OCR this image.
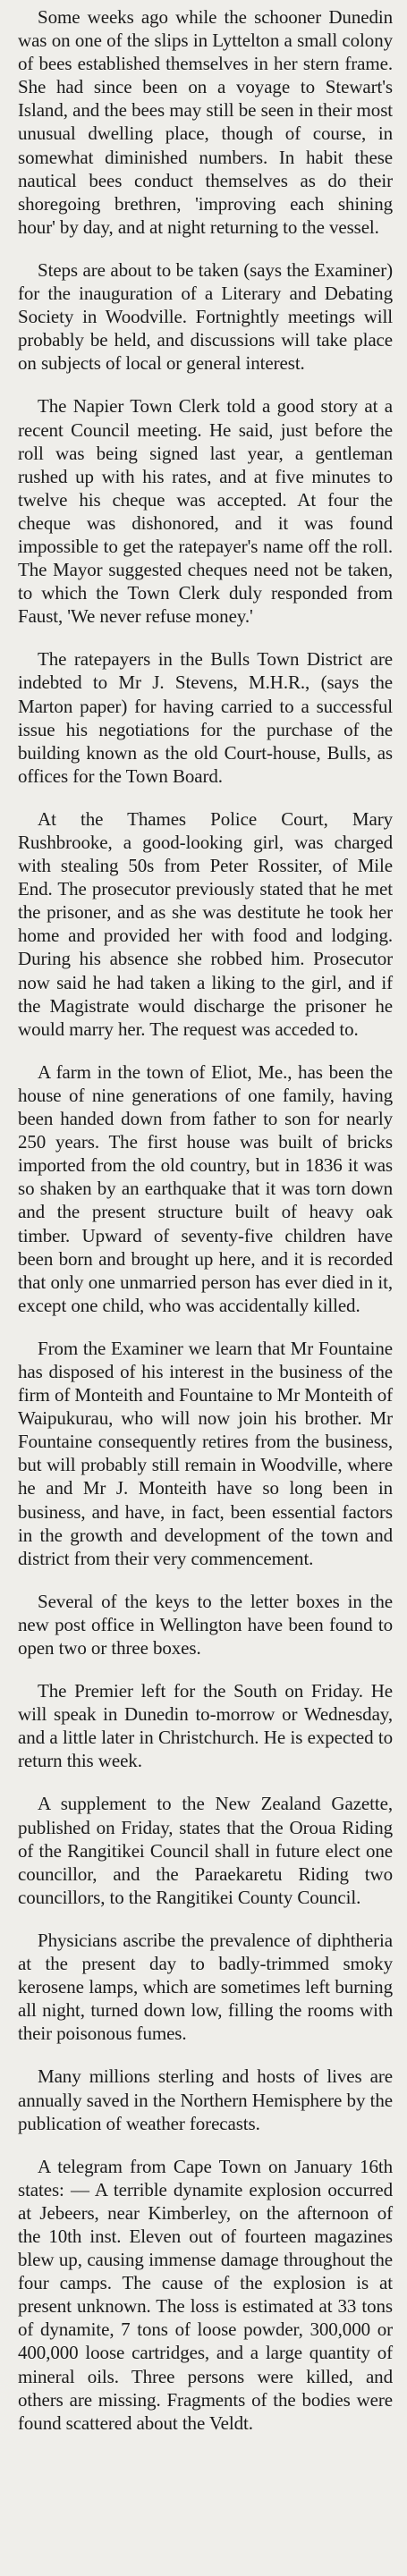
Some weeks ago while the schooner Dunedin was on one of the slips in Lyttelton a small colony of bees established themselves in her stern frame. She had since been on a voyage to Stewart's Island, and the bees may still be seen in their most unusual dwelling place, though of course, in somewhat diminished numbers. In habit these nautical bees conduct themselves as do their shoregoing brethren, 'improving each shining hour' by day, and at night returning to the vessel.

Steps are about to be taken (says the Examiner) for the inauguration of a Literary and Debating Society in Woodville. Fortnightly meetings will probably be held, and discussions will take place on subjects of local or general interest.

The Napier Town Clerk told a good story at a recent Council meeting. He said, just before the roll was being signed last year, a gentleman rushed up with his rates, and at five minutes to twelve his cheque was accepted. At four the cheque was dishonored, and it was found impossible to get the ratepayer's name off the roll. The Mayor suggested cheques need not be taken, to which the Town Clerk duly responded from Faust, 'We never refuse money.'

The ratepayers in the Bulls Town District are indebted to Mr J. Stevens, M.H.R., (says the Marton paper) for having carried to a successful issue his negotiations for the purchase of the building known as the old Court-house, Bulls, as offices for the Town Board.

At the Thames Police Court, Mary Rushbrooke, a good-looking girl, was charged with stealing 50s from Peter Rossiter, of Mile End. The prosecutor previously stated that he met the prisoner, and as she was destitute he took her home and provided her with food and lodging. During his absence she robbed him. Prosecutor now said he had taken a liking to the girl, and if the Magistrate would discharge the prisoner he would marry her. The request was acceded to.

A farm in the town of Eliot, Me., has been the house of nine generations of one family, having been handed down from father to son for nearly 250 years. The first house was built of bricks imported from the old country, but in 1836 it was so shaken by an earthquake that it was torn down and the present structure built of heavy oak timber. Upward of seventy-five children have been born and brought up here, and it is recorded that only one unmarried person has ever died in it, except one child, who was accidentally killed.

From the Examiner we learn that Mr Fountaine has disposed of his interest in the business of the firm of Monteith and Fountaine to Mr Monteith of Waipukurau, who will now join his brother. Mr Fountaine consequently retires from the business, but will probably still remain in Woodville, where he and Mr J. Monteith have so long been in business, and have, in fact, been essential factors in the growth and development of the town and district from their very commencement.

Several of the keys to the letter boxes in the new post office in Wellington have been found to open two or three boxes.

The Premier left for the South on Friday. He will speak in Dunedin to-morrow or Wednesday, and a little later in Christchurch. He is expected to return this week.

A supplement to the New Zealand Gazette, published on Friday, states that the Oroua Riding of the Rangitikei Council shall in future elect one councillor, and the Paraekaretu Riding two councillors, to the Rangitikei County Council.

Physicians ascribe the prevalence of diphtheria at the present day to badly-trimmed smoky kerosene lamps, which are sometimes left burning all night, turned down low, filling the rooms with their poisonous fumes.

Many millions sterling and hosts of lives are annually saved in the Northern Hemisphere by the publication of weather forecasts.

A telegram from Cape Town on January 16th states: — A terrible dynamite explosion occurred at Jebeers, near Kimberley, on the afternoon of the 10th inst. Eleven out of fourteen magazines blew up, causing immense damage throughout the four camps. The cause of the explosion is at present unknown. The loss is estimated at 33 tons of dynamite, 7 tons of loose powder, 300,000 or 400,000 loose cartridges, and a large quantity of mineral oils. Three persons were killed, and others are missing. Fragments of the bodies were found scattered about the Veldt.
